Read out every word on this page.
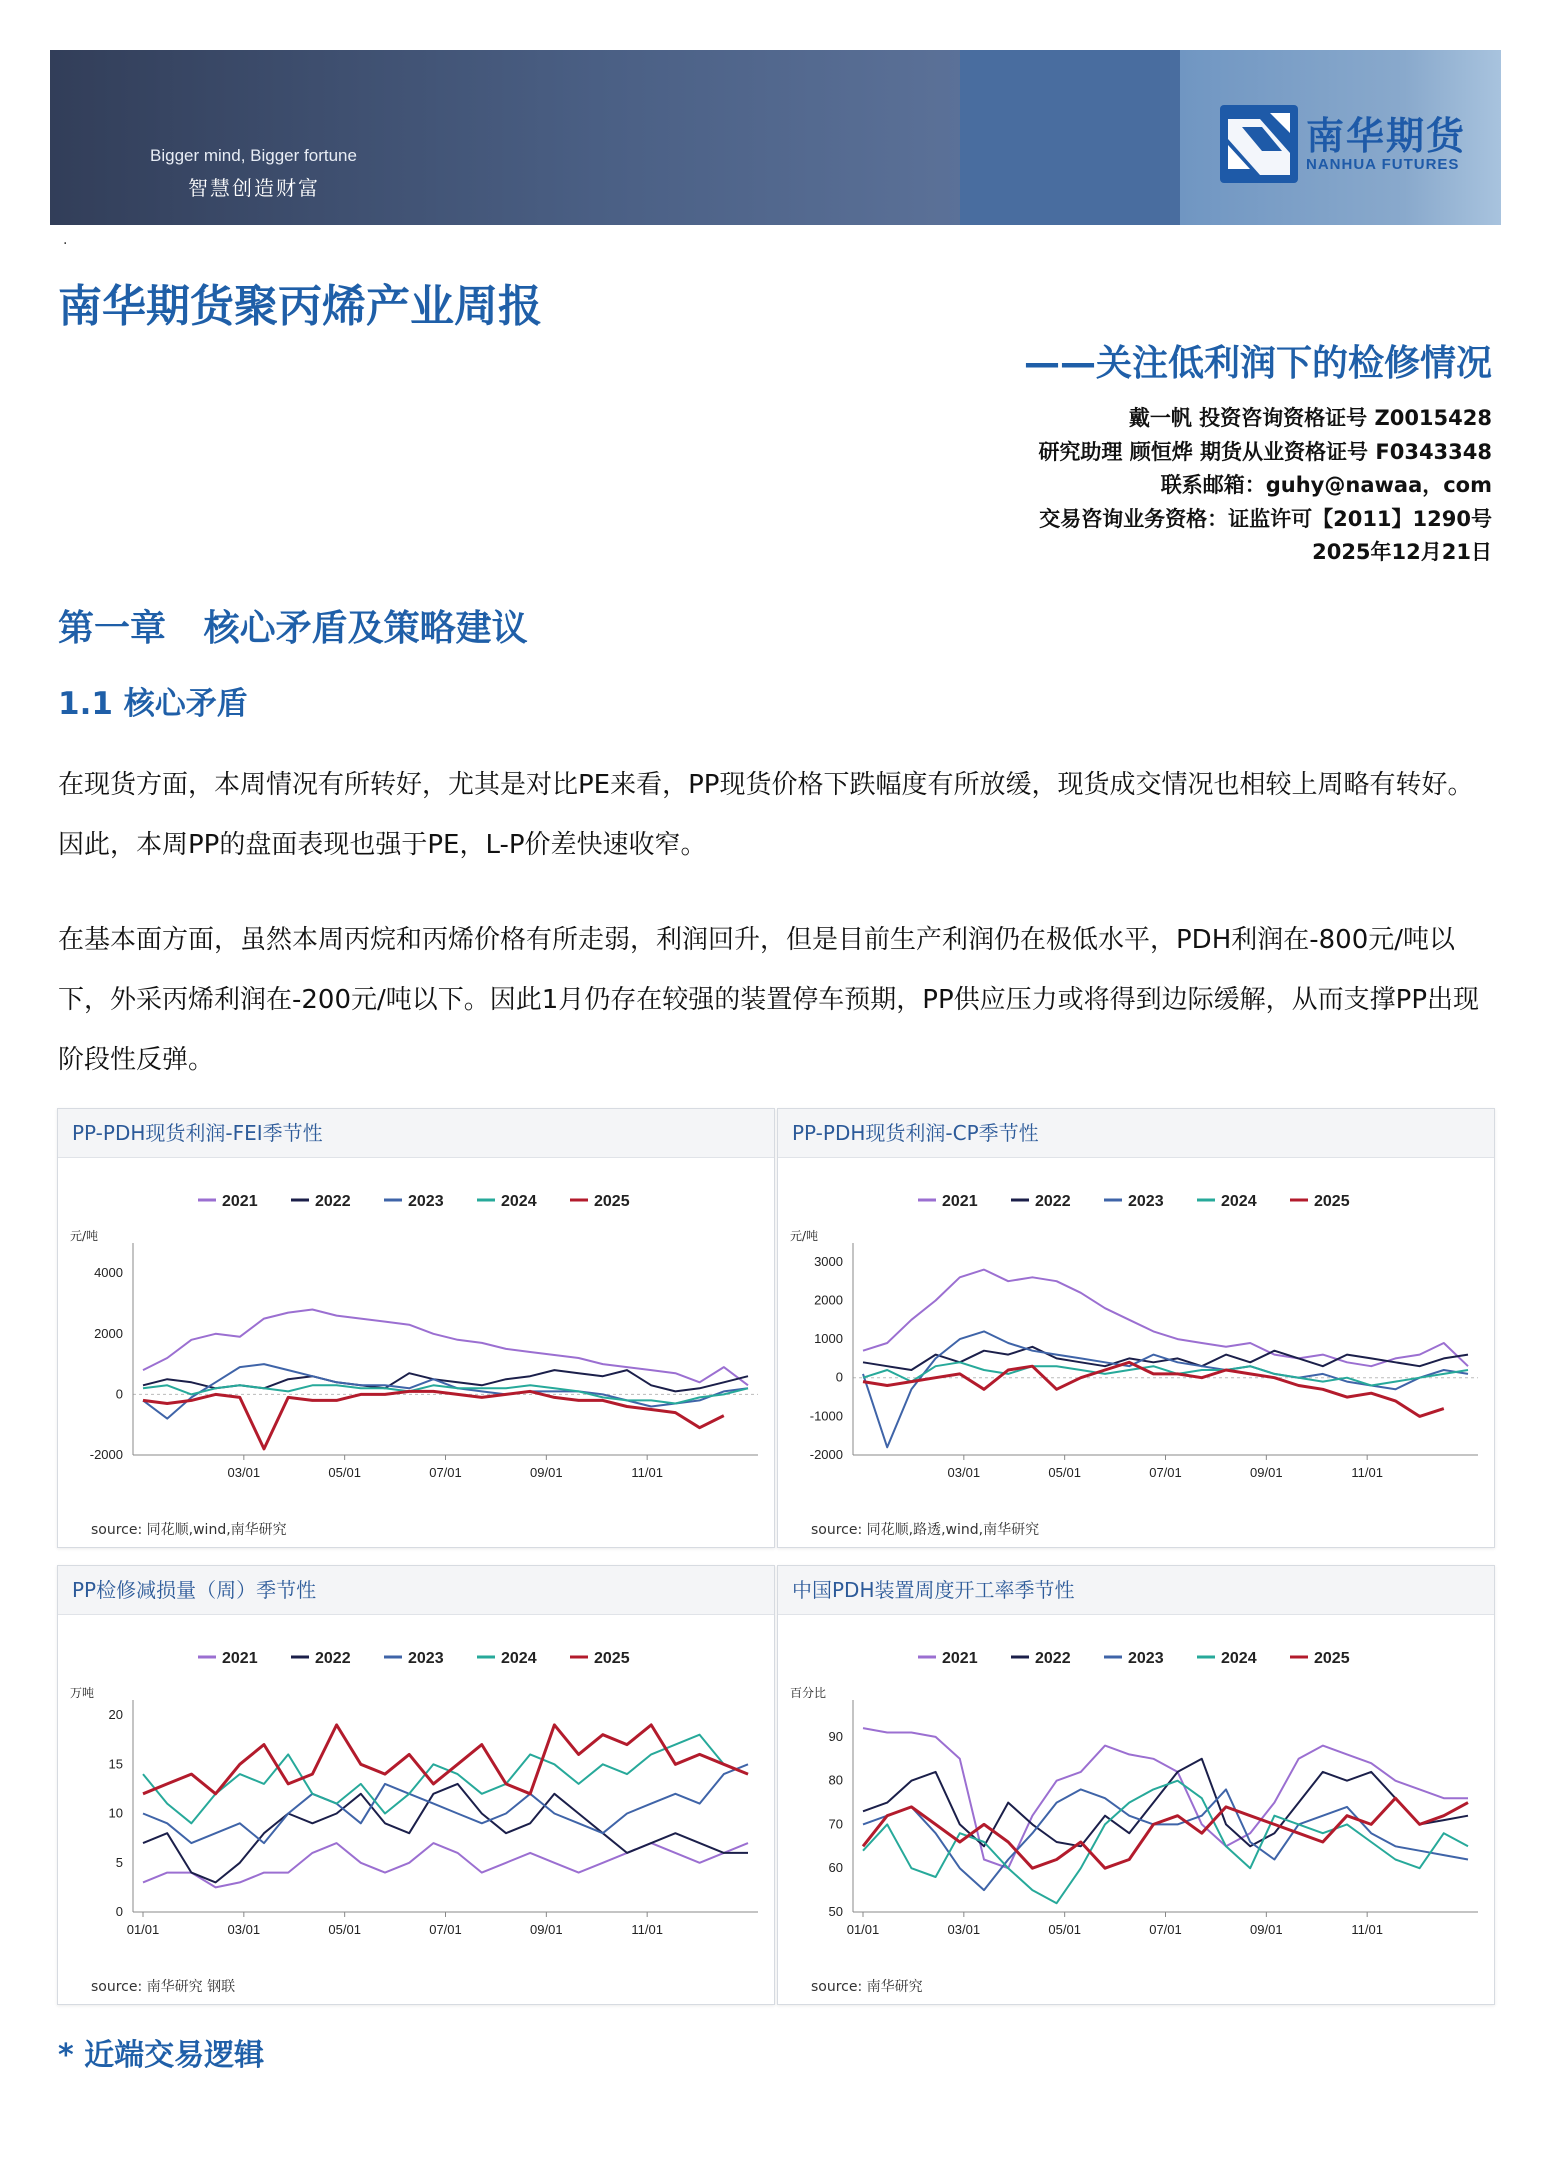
Bigger mind, Bigger fortune
智慧创造财富
南华期货
NANHUA FUTURES
.
南华期货聚丙烯产业周报
——关注低利润下的检修情况
戴一帆 投资咨询资格证号 Z0015428
研究助理 顾恒烨 期货从业资格证号 F0343348
联系邮箱：guhy@nawaa，com
交易咨询业务资格：证监许可【2011】1290号
2025年12月21日
第一章   核心矛盾及策略建议
1.1 核心矛盾
在现货方面，本周情况有所转好，尤其是对比PE来看，PP现货价格下跌幅度有所放缓，现货成交情况也相较上周略有转好。因此，本周PP的盘面表现也强于PE，L-P价差快速收窄。
在基本面方面，虽然本周丙烷和丙烯价格有所走弱，利润回升，但是目前生产利润仍在极低水平，PDH利润在-800元/吨以下，外采丙烯利润在-200元/吨以下。因此1月仍存在较强的装置停车预期，PP供应压力或将得到边际缓解，从而支撑PP出现阶段性反弹。
PP-PDH现货利润-FEI季节性
2021	2022	2023	2024	2025
元/吨
4000
2000
0
-2000
03/01	05/01	07/01	09/01	11/01
source: 同花顺,wind,南华研究
PP-PDH现货利润-CP季节性
2021	2022	2023	2024	2025
元/吨
3000
2000
1000
0
-1000
-2000
03/01	05/01	07/01	09/01	11/01
source: 同花顺,路透,wind,南华研究
PP检修减损量（周）季节性
2021	2022	2023	2024	2025
万吨
20
15
10
5
0
01/01	03/01	05/01	07/01	09/01	11/01
source: 南华研究 钢联
中国PDH装置周度开工率季节性
2021	2022	2023	2024	2025
百分比
90
80
70
60
50
01/01	03/01	05/01	07/01	09/01	11/01
source: 南华研究
* 近端交易逻辑
